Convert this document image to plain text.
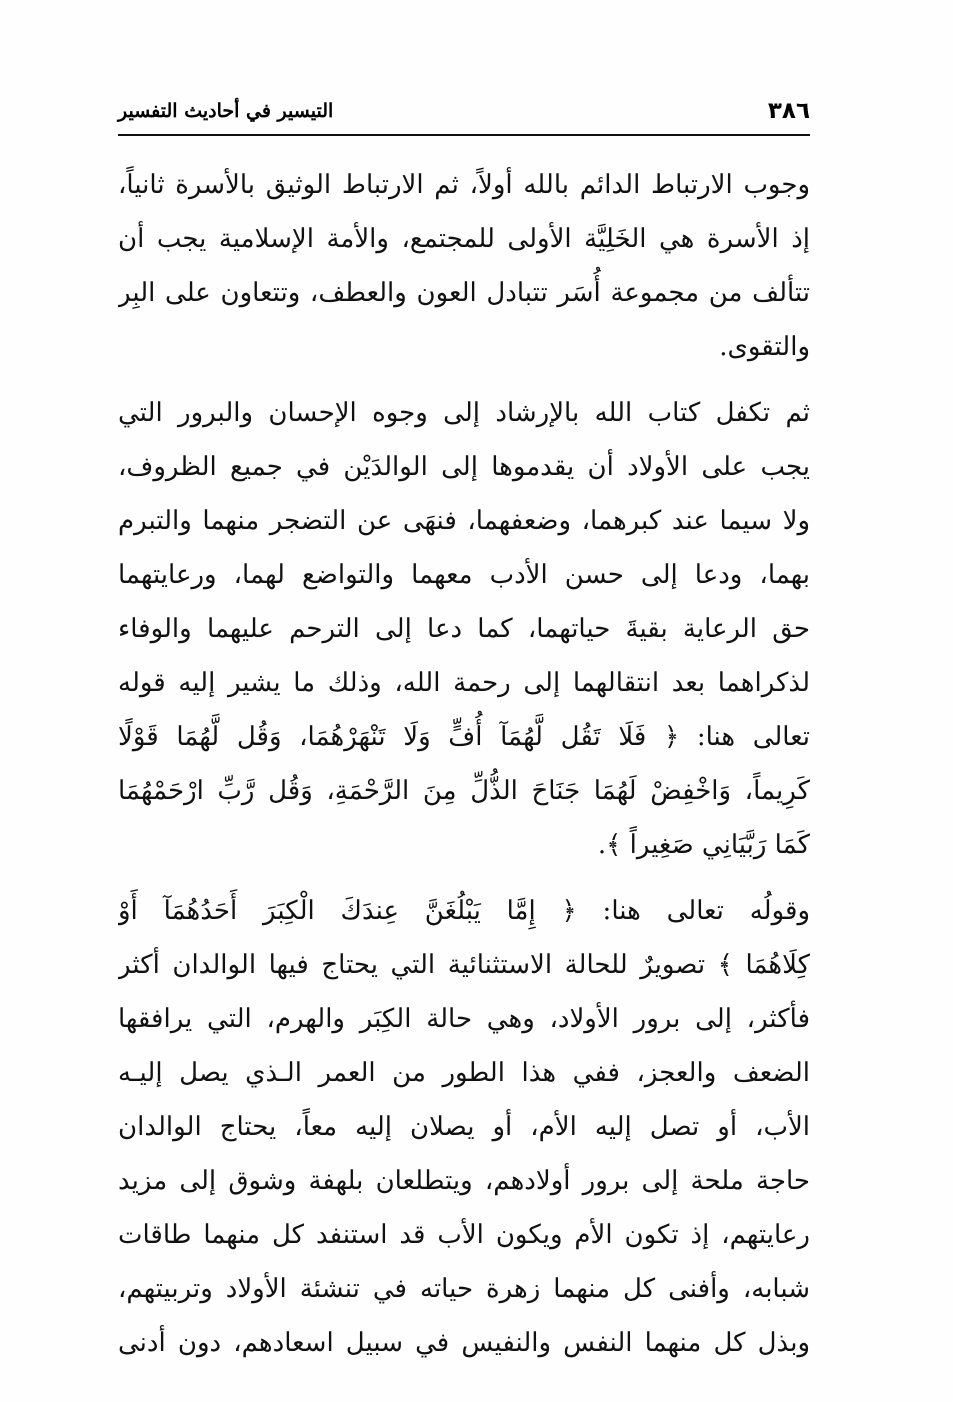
٣٨٦
التيسير في أحاديث التفسير
وجوب الارتباط الدائم بالله أولاً، ثم الارتباط الوثيق بالأسرة ثانياً،
إذ الأسرة هي الخَلِيَّة الأولى للمجتمع، والأمة الإسلامية يجب أن
تتألف من مجموعة أُسَر تتبادل العون والعطف، وتتعاون على البِر
والتقوى.
ثم تكفل كتاب الله بالإرشاد إلى وجوه الإحسان والبرور التي
يجب على الأولاد أن يقدموها إلى الوالدَيْن في جميع الظروف،
ولا سيما عند كبرهما، وضعفهما، فنهَى عن التضجر منهما والتبرم
بهما، ودعا إلى حسن الأدب معهما والتواضع لهما، ورعايتهما
حق الرعاية بقيةَ حياتهما، كما دعا إلى الترحم عليهما والوفاء
لذكراهما بعد انتقالهما إلى رحمة الله، وذلك ما يشير إليه قوله
تعالى هنا: ﴿ فَلَا تَقُل لَّهُمَآ أُفٍّ وَلَا تَنْهَرْهُمَا، وَقُل لَّهُمَا قَوْلًا
كَرِيماً، وَاخْفِضْ لَهُمَا جَنَاحَ الذُّلِّ مِنَ الرَّحْمَةِ، وَقُل رَّبِّ ارْحَمْهُمَا
كَمَا رَبَّيَانِي صَغِيراً ﴾.
وقولُه تعالى هنا: ﴿ إِمَّا يَبْلُغَنَّ عِندَكَ الْكِبَرَ أَحَدُهُمَآ أَوْ
كِلَاهُمَا ﴾ تصويرٌ للحالة الاستثنائية التي يحتاج فيها الوالدان أكثر
فأكثر، إلى برور الأولاد، وهي حالة الكِبَر والهرم، التي يرافقها
الضعف والعجز، ففي هذا الطور من العمر الـذي يصل إليـه
الأب، أو تصل إليه الأم، أو يصلان إليه معاً، يحتاج الوالدان
حاجة ملحة إلى برور أولادهم، ويتطلعان بلهفة وشوق إلى مزيد
رعايتهم، إذ تكون الأم ويكون الأب قد استنفد كل منهما طاقات
شبابه، وأفنى كل منهما زهرة حياته في تنشئة الأولاد وتربيتهم،
وبذل كل منهما النفس والنفيس في سبيل اسعادهم، دون أدنى
